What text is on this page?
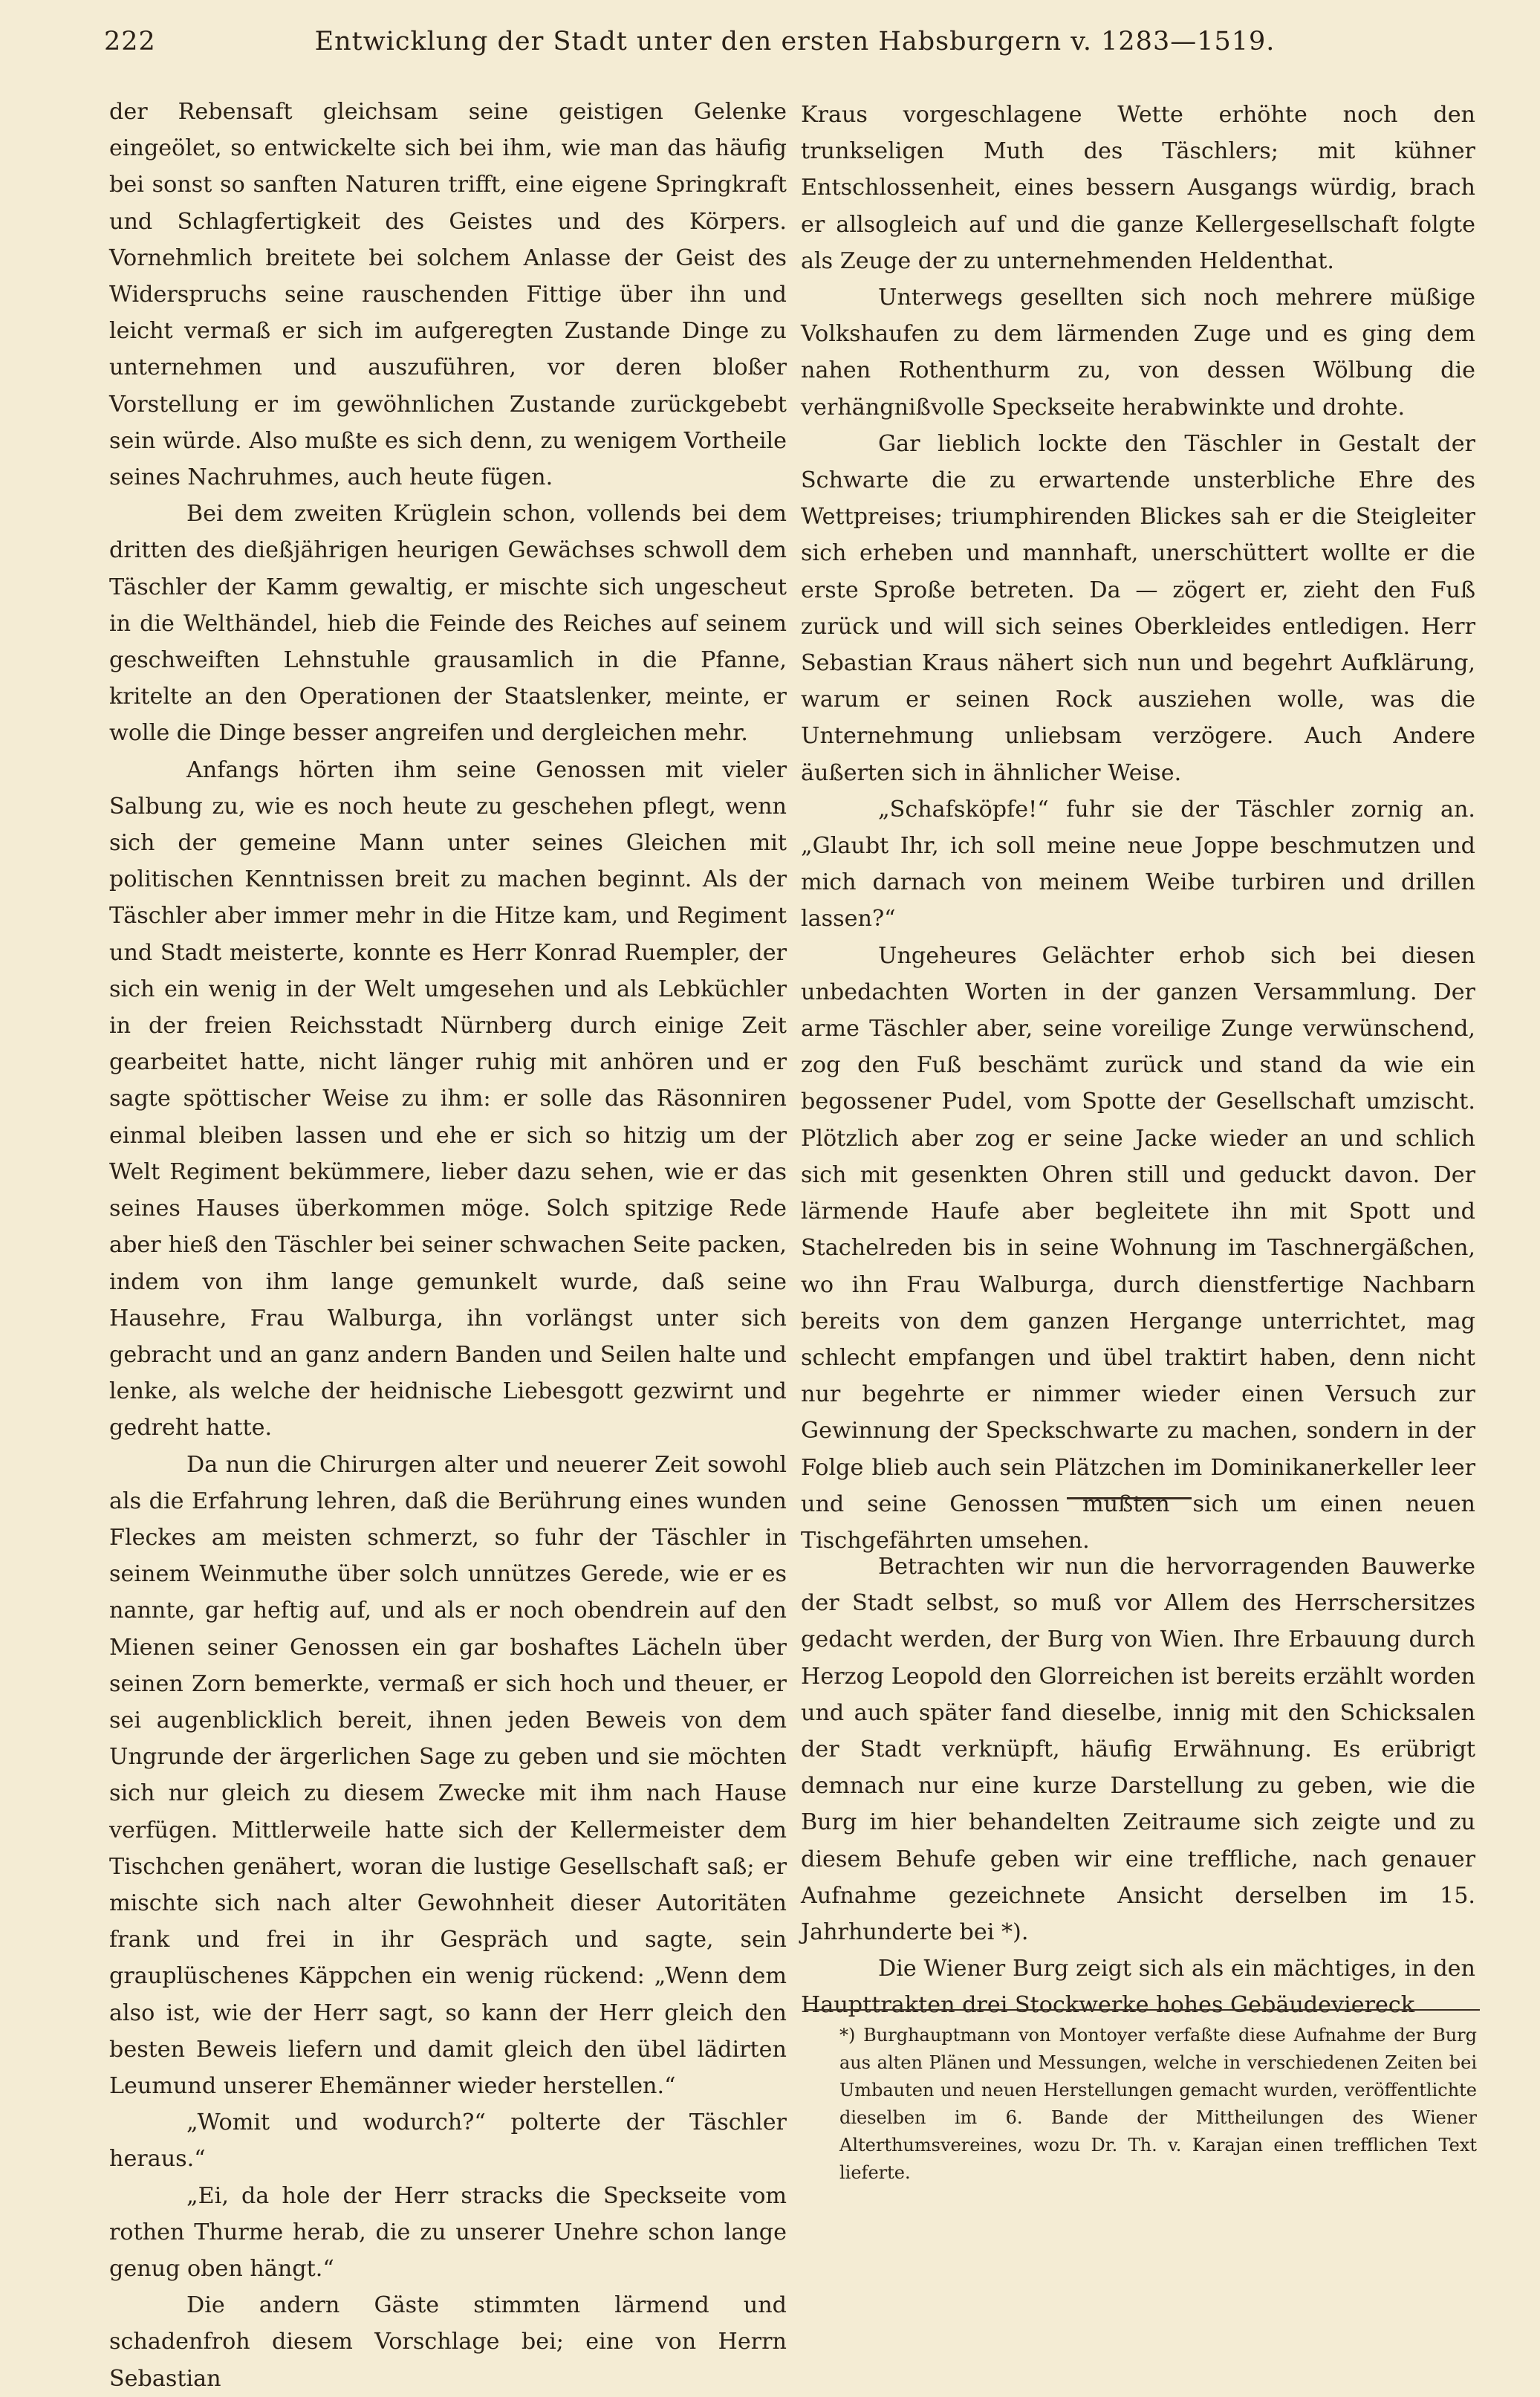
222	Entwicklung der Stadt unter den ersten Habsburgern v. 1283—1519.

der Rebensaft gleichsam seine geistigen Gelenke eingeölet, so entwickelte sich bei ihm, wie man das häufig bei sonst so sanften Naturen trifft, eine eigene Springkraft und Schlagfertigkeit des Geistes und des Körpers. Vornehmlich breitete bei solchem Anlasse der Geist des Widerspruchs seine rauschenden Fittige über ihn und leicht vermaß er sich im aufgeregten Zustande Dinge zu unternehmen und auszuführen, vor deren bloßer Vorstellung er im gewöhnlichen Zustande zurückgebebt sein würde. Also mußte es sich denn, zu wenigem Vortheile seines Nachruhmes, auch heute fügen.

Bei dem zweiten Krüglein schon, vollends bei dem dritten des dießjährigen heurigen Gewächses schwoll dem Täschler der Kamm gewaltig, er mischte sich ungescheut in die Welthändel, hieb die Feinde des Reiches auf seinem geschweiften Lehnstuhle grausamlich in die Pfanne, kritelte an den Operationen der Staatslenker, meinte, er wolle die Dinge besser angreifen und dergleichen mehr.

Anfangs hörten ihm seine Genossen mit vieler Salbung zu, wie es noch heute zu geschehen pflegt, wenn sich der gemeine Mann unter seines Gleichen mit politischen Kenntnissen breit zu machen beginnt. Als der Täschler aber immer mehr in die Hitze kam, und Regiment und Stadt meisterte, konnte es Herr Konrad Ruempler, der sich ein wenig in der Welt umgesehen und als Lebküchler in der freien Reichsstadt Nürnberg durch einige Zeit gearbeitet hatte, nicht länger ruhig mit anhören und er sagte spöttischer Weise zu ihm: er solle das Räsonniren einmal bleiben lassen und ehe er sich so hitzig um der Welt Regiment bekümmere, lieber dazu sehen, wie er das seines Hauses überkommen möge. Solch spitzige Rede aber hieß den Täschler bei seiner schwachen Seite packen, indem von ihm lange gemunkelt wurde, daß seine Hausehre, Frau Walburga, ihn vorlängst unter sich gebracht und an ganz andern Banden und Seilen halte und lenke, als welche der heidnische Liebesgott gezwirnt und gedreht hatte.

Da nun die Chirurgen alter und neuerer Zeit sowohl als die Erfahrung lehren, daß die Berührung eines wunden Fleckes am meisten schmerzt, so fuhr der Täschler in seinem Weinmuthe über solch unnützes Gerede, wie er es nannte, gar heftig auf, und als er noch obendrein auf den Mienen seiner Genossen ein gar boshaftes Lächeln über seinen Zorn bemerkte, vermaß er sich hoch und theuer, er sei augenblicklich bereit, ihnen jeden Beweis von dem Ungrunde der ärgerlichen Sage zu geben und sie möchten sich nur gleich zu diesem Zwecke mit ihm nach Hause verfügen. Mittlerweile hatte sich der Kellermeister dem Tischchen genähert, woran die lustige Gesellschaft saß; er mischte sich nach alter Gewohnheit dieser Autoritäten frank und frei in ihr Gespräch und sagte, sein grauplüschenes Käppchen ein wenig rückend: „Wenn dem also ist, wie der Herr sagt, so kann der Herr gleich den besten Beweis liefern und damit gleich den übel lädirten Leumund unserer Ehemänner wieder herstellen.“

„Womit und wodurch?“ polterte der Täschler heraus.“

„Ei, da hole der Herr stracks die Speckseite vom rothen Thurme herab, die zu unserer Unehre schon lange genug oben hängt.“

Die andern Gäste stimmten lärmend und schadenfroh diesem Vorschlage bei; eine von Herrn Sebastian

Kraus vorgeschlagene Wette erhöhte noch den trunkseligen Muth des Täschlers; mit kühner Entschlossenheit, eines bessern Ausgangs würdig, brach er allsogleich auf und die ganze Kellergesellschaft folgte als Zeuge der zu unternehmenden Heldenthat.

Unterwegs gesellten sich noch mehrere müßige Volkshaufen zu dem lärmenden Zuge und es ging dem nahen Rothenthurm zu, von dessen Wölbung die verhängnißvolle Speckseite herabwinkte und drohte.

Gar lieblich lockte den Täschler in Gestalt der Schwarte die zu erwartende unsterbliche Ehre des Wettpreises; triumphirenden Blickes sah er die Steigleiter sich erheben und mannhaft, unerschüttert wollte er die erste Sproße betreten. Da — zögert er, zieht den Fuß zurück und will sich seines Oberkleides entledigen. Herr Sebastian Kraus nähert sich nun und begehrt Aufklärung, warum er seinen Rock ausziehen wolle, was die Unternehmung unliebsam verzögere. Auch Andere äußerten sich in ähnlicher Weise.

„Schafsköpfe!“ fuhr sie der Täschler zornig an. „Glaubt Ihr, ich soll meine neue Joppe beschmutzen und mich darnach von meinem Weibe turbiren und drillen lassen?“

Ungeheures Gelächter erhob sich bei diesen unbedachten Worten in der ganzen Versammlung. Der arme Täschler aber, seine voreilige Zunge verwünschend, zog den Fuß beschämt zurück und stand da wie ein begossener Pudel, vom Spotte der Gesellschaft umzischt. Plötzlich aber zog er seine Jacke wieder an und schlich sich mit gesenkten Ohren still und geduckt davon. Der lärmende Haufe aber begleitete ihn mit Spott und Stachelreden bis in seine Wohnung im Taschnergäßchen, wo ihn Frau Walburga, durch dienstfertige Nachbarn bereits von dem ganzen Hergange unterrichtet, mag schlecht empfangen und übel traktirt haben, denn nicht nur begehrte er nimmer wieder einen Versuch zur Gewinnung der Speckschwarte zu machen, sondern in der Folge blieb auch sein Plätzchen im Dominikanerkeller leer und seine Genossen mußten sich um einen neuen Tischgefährten umsehen.

Betrachten wir nun die hervorragenden Bauwerke der Stadt selbst, so muß vor Allem des Herrschersitzes gedacht werden, der Burg von Wien. Ihre Erbauung durch Herzog Leopold den Glorreichen ist bereits erzählt worden und auch später fand dieselbe, innig mit den Schicksalen der Stadt verknüpft, häufig Erwähnung. Es erübrigt demnach nur eine kurze Darstellung zu geben, wie die Burg im hier behandelten Zeitraume sich zeigte und zu diesem Behufe geben wir eine treffliche, nach genauer Aufnahme gezeichnete Ansicht derselben im 15. Jahrhunderte bei *).

Die Wiener Burg zeigt sich als ein mächtiges, in den Haupttrakten drei Stockwerke hohes Gebäudeviereck

*) Burghauptmann von Montoyer verfaßte diese Aufnahme der Burg aus alten Plänen und Messungen, welche in verschiedenen Zeiten bei Umbauten und neuen Herstellungen gemacht wurden, veröffentlichte dieselben im 6. Bande der Mittheilungen des Wiener Alterthumsvereines, wozu Dr. Th. v. Karajan einen trefflichen Text lieferte.
